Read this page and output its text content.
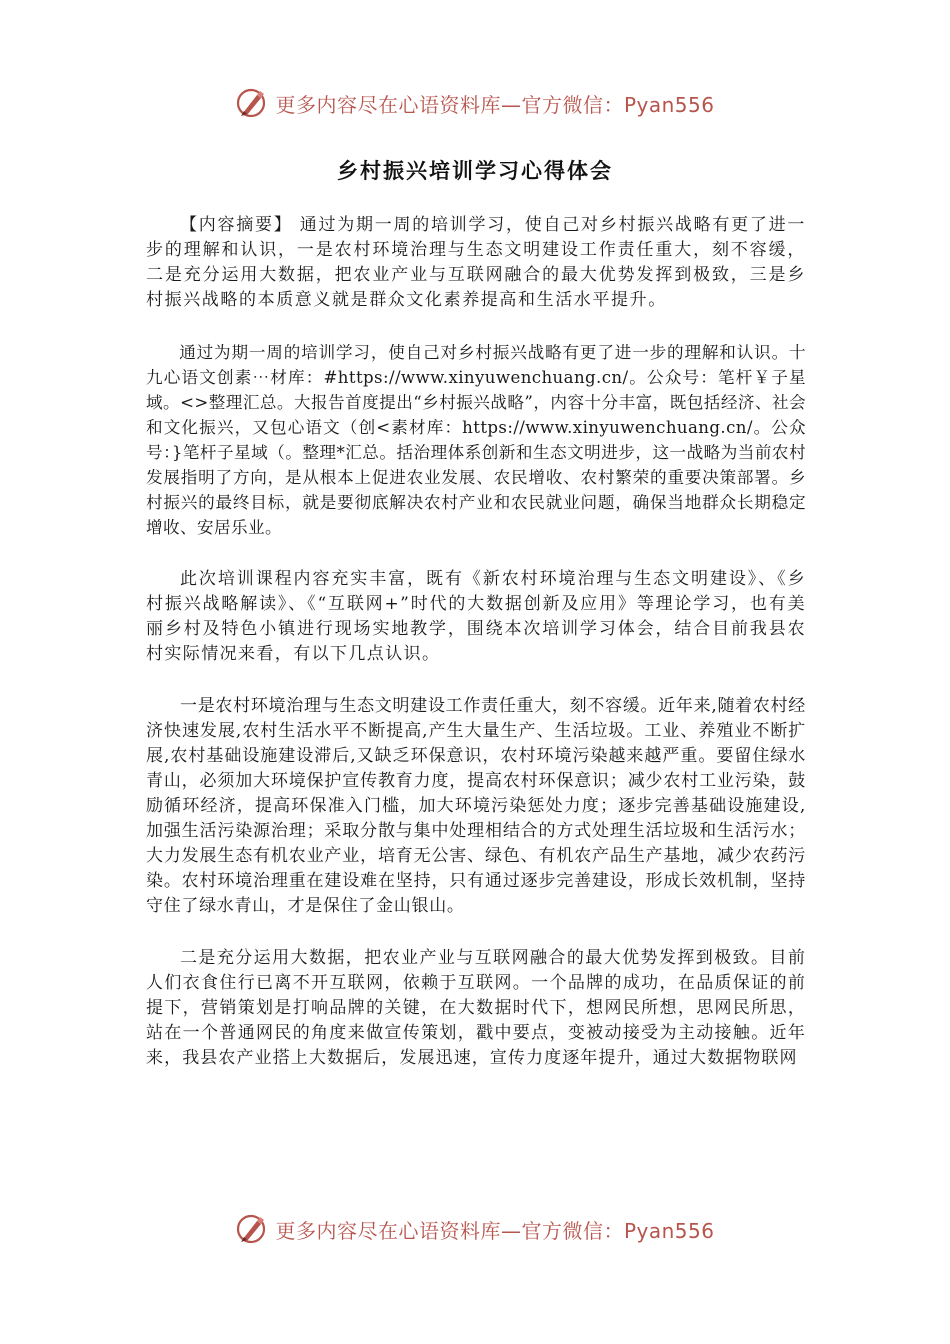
更多内容尽在心语资料库—官方微信：Pyan556
乡村振兴培训学习心得体会

【内容摘要】 通过为期一周的培训学习，使自己对乡村振兴战略有更了进一步的理解和认识，一是农村环境治理与生态文明建设工作责任重大，刻不容缓，二是充分运用大数据，把农业产业与互联网融合的最大优势发挥到极致，三是乡村振兴战略的本质意义就是群众文化素养提高和生活水平提升。

通过为期一周的培训学习，使自己对乡村振兴战略有更了进一步的理解和认识。十九心语文创素⋯材库：#https://www.xinyuwenchuang.cn/。公众号：笔杆￥子星域。<>整理汇总。大报告首度提出“乡村振兴战略”，内容十分丰富，既包括经济、社会和文化振兴，又包心语文（创<素材库：https://www.xinyuwenchuang.cn/。公众号：}笔杆子星域（。整理*汇总。括治理体系创新和生态文明进步，这一战略为当前农村发展指明了方向，是从根本上促进农业发展、农民增收、农村繁荣的重要决策部署。乡村振兴的最终目标，就是要彻底解决农村产业和农民就业问题，确保当地群众长期稳定增收、安居乐业。

此次培训课程内容充实丰富，既有《新农村环境治理与生态文明建设》、《乡村振兴战略解读》、《“互联网+”时代的大数据创新及应用》等理论学习，也有美丽乡村及特色小镇进行现场实地教学，围绕本次培训学习体会，结合目前我县农村实际情况来看，有以下几点认识。

一是农村环境治理与生态文明建设工作责任重大，刻不容缓。近年来,随着农村经济快速发展,农村生活水平不断提高,产生大量生产、生活垃圾。工业、养殖业不断扩展,农村基础设施建设滞后,又缺乏环保意识，农村环境污染越来越严重。要留住绿水青山，必须加大环境保护宣传教育力度，提高农村环保意识；减少农村工业污染，鼓励循环经济，提高环保准入门槛，加大环境污染惩处力度；逐步完善基础设施建设,加强生活污染源治理；采取分散与集中处理相结合的方式处理生活垃圾和生活污水；大力发展生态有机农业产业，培育无公害、绿色、有机农产品生产基地，减少农药污染。农村环境治理重在建设难在坚持，只有通过逐步完善建设，形成长效机制，坚持守住了绿水青山，才是保住了金山银山。

二是充分运用大数据，把农业产业与互联网融合的最大优势发挥到极致。目前人们衣食住行已离不开互联网，依赖于互联网。一个品牌的成功，在品质保证的前提下，营销策划是打响品牌的关键，在大数据时代下，想网民所想，思网民所思，站在一个普通网民的角度来做宣传策划，戳中要点，变被动接受为主动接触。近年来，我县农产业搭上大数据后，发展迅速，宣传力度逐年提升，通过大数据物联网

更多内容尽在心语资料库—官方微信：Pyan556
